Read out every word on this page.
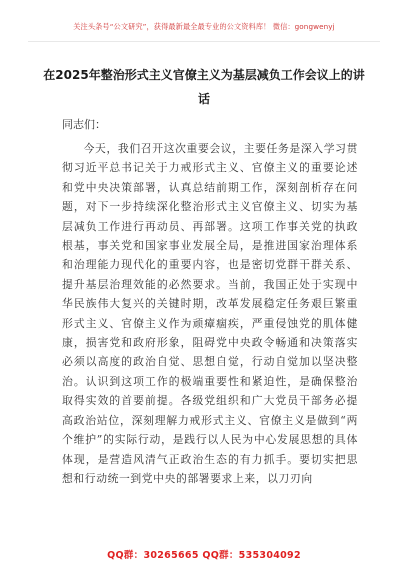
关注头条号“公文研究”，获得最新最全最专业的公文资料库！ 微信：gongwenyj
在2025年整治形式主义官僚主义为基层减负工作会议上的讲话
同志们：
今天，我们召开这次重要会议，主要任务是深入学习贯彻习近平总书记关于力戒形式主义、官僚主义的重要论述和党中央决策部署，认真总结前期工作，深刻剖析存在问题，对下一步持续深化整治形式主义官僚主义、切实为基层减负工作进行再动员、再部署。这项工作事关党的执政根基，事关党和国家事业发展全局，是推进国家治理体系和治理能力现代化的重要内容，也是密切党群干群关系、提升基层治理效能的必然要求。当前，我国正处于实现中华民族伟大复兴的关键时期，改革发展稳定任务艰巨繁重形式主义、官僚主义作为顽瘴痼疾，严重侵蚀党的肌体健康，损害党和政府形象，阻碍党中央政令畅通和决策落实必须以高度的政治自觉、思想自觉，行动自觉加以坚决整治。认识到这项工作的极端重要性和紧迫性，是确保整治取得实效的首要前提。各级党组织和广大党员干部务必提高政治站位，深刻理解力戒形式主义、官僚主义是做到“两个维护”的实际行动，是践行以人民为中心发展思想的具体体现，是营造风清气正政治生态的有力抓手。要切实把思想和行动统一到党中央的部署要求上来，以刀刃向
QQ群：30265665 QQ群：535304092
